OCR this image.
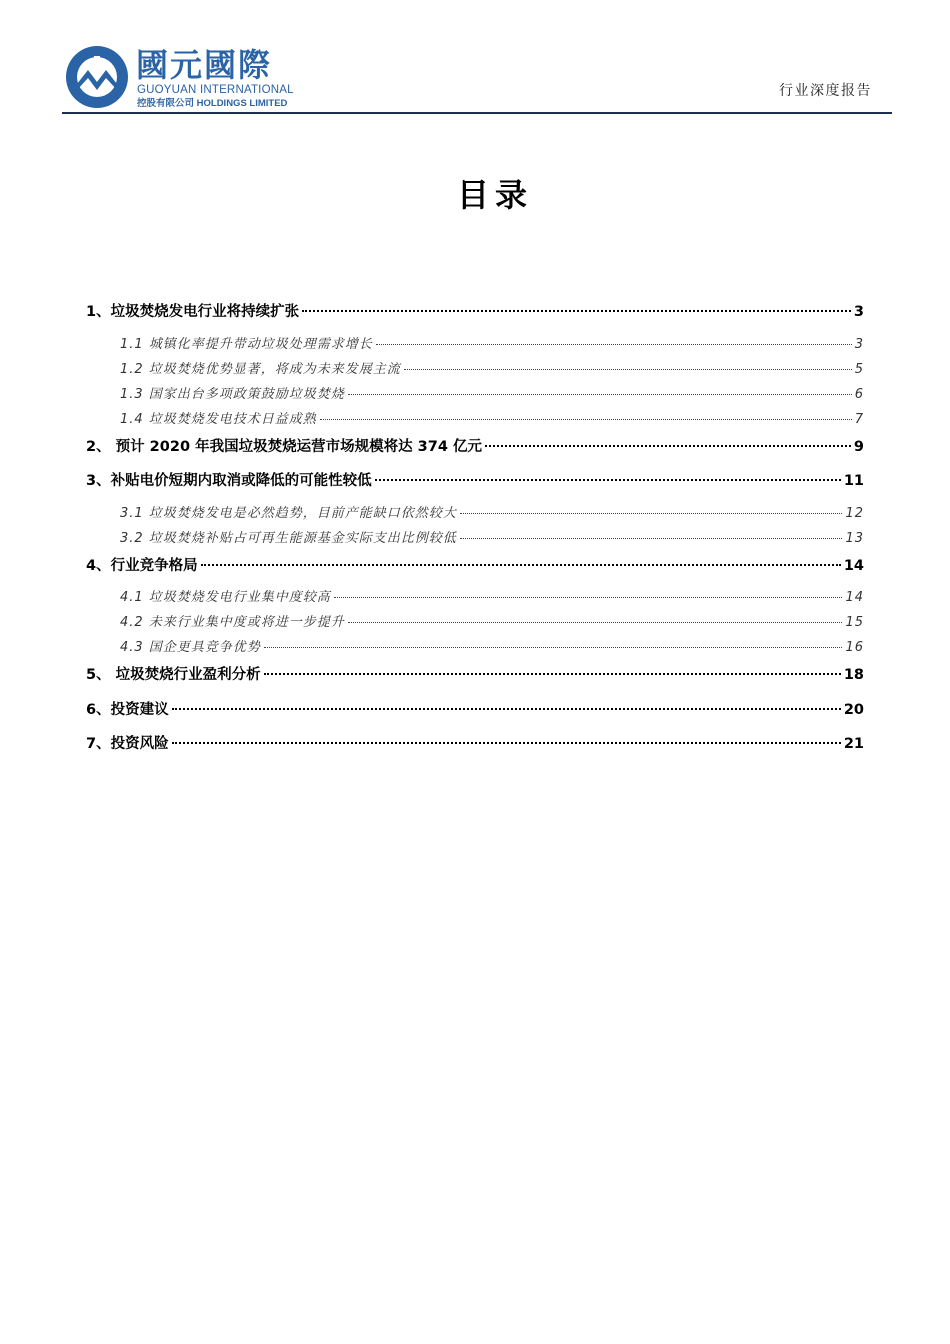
國元國際
GUOYUAN INTERNATIONAL
控股有限公司 HOLDINGS LIMITED
行业深度报告
目录
1、垃圾焚烧发电行业将持续扩张	3
1.1 城镇化率提升带动垃圾处理需求增长	3
1.2 垃圾焚烧优势显著，将成为未来发展主流	5
1.3 国家出台多项政策鼓励垃圾焚烧	6
1.4 垃圾焚烧发电技术日益成熟	7
2、 预计 2020 年我国垃圾焚烧运营市场规模将达 374 亿元	9
3、补贴电价短期内取消或降低的可能性较低	11
3.1 垃圾焚烧发电是必然趋势，目前产能缺口依然较大	12
3.2 垃圾焚烧补贴占可再生能源基金实际支出比例较低	13
4、行业竞争格局	14
4.1 垃圾焚烧发电行业集中度较高	14
4.2 未来行业集中度或将进一步提升	15
4.3 国企更具竞争优势	16
5、 垃圾焚烧行业盈利分析	18
6、投资建议	20
7、投资风险	21
